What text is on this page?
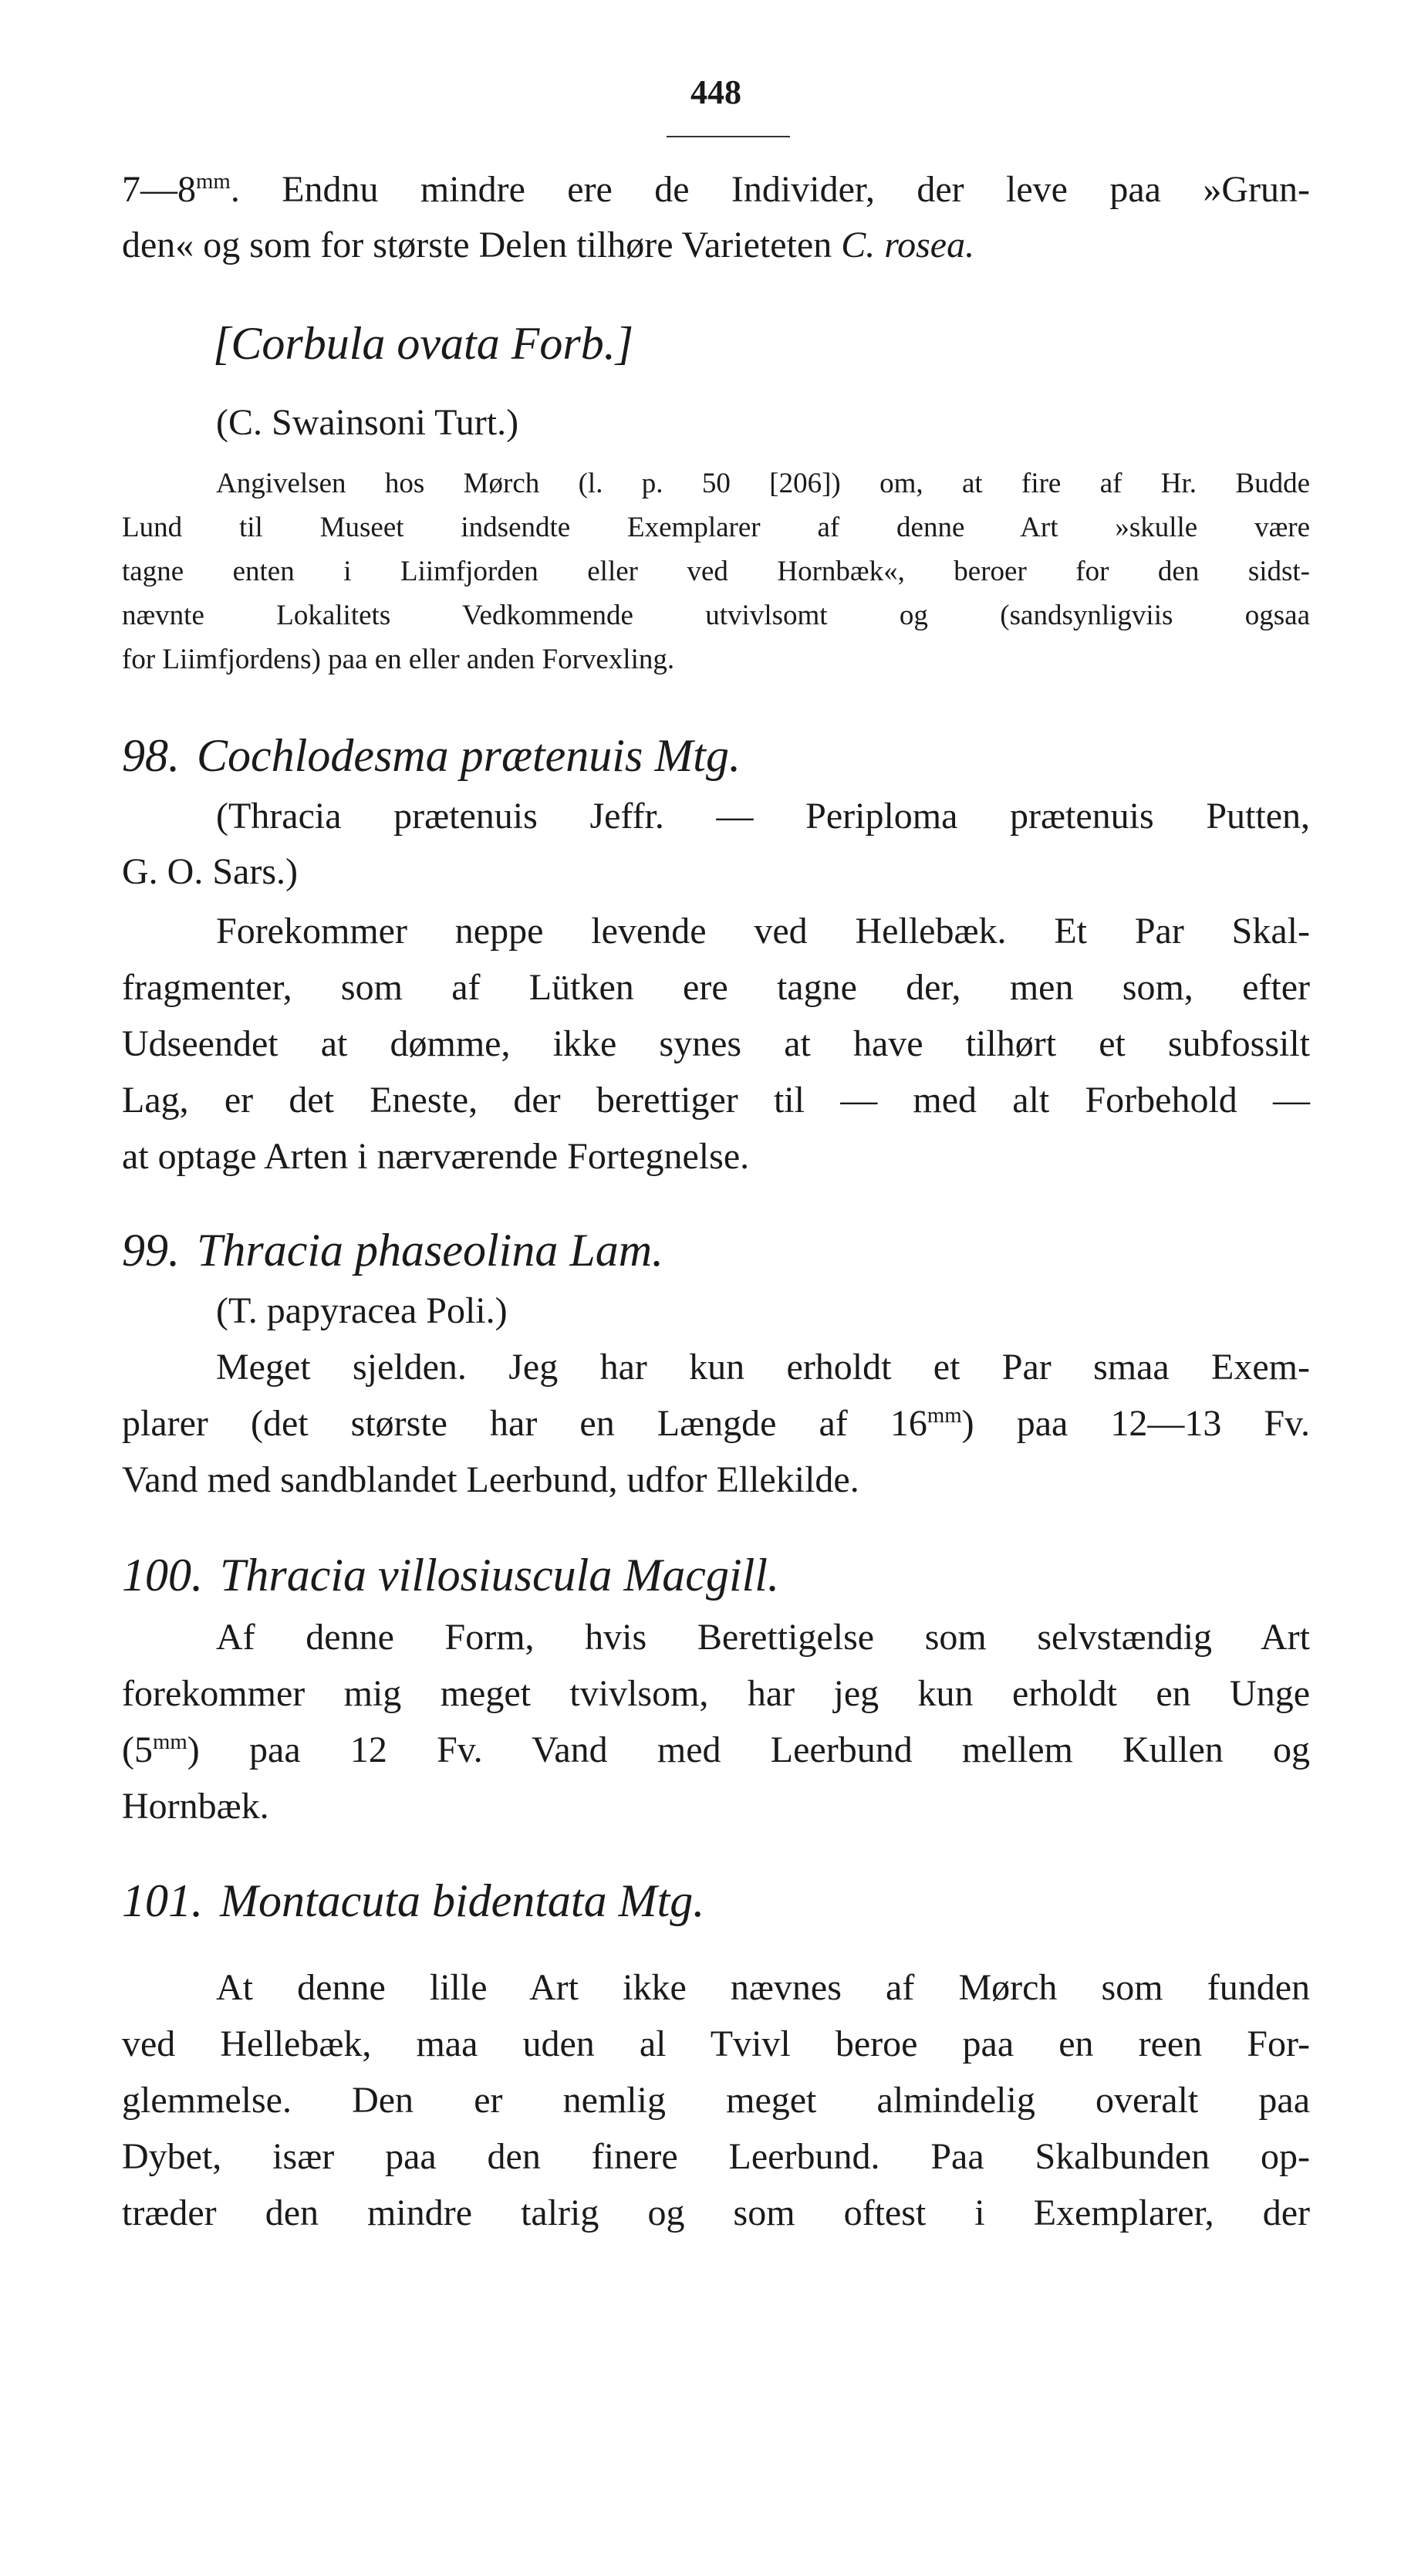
448
$7—8^{mm}$. Endnu mindre ere de Individer, der leve paa »Grun-
den« og som for største Delen tilhøre Varieteten C. rosea.
[Corbula ovata Forb.]
(C. Swainsoni Turt.)
Angivelsen hos Mørch (l. p. 50 [206]) om, at fire af Hr. Budde
Lund til Museet indsendte Exemplarer af denne Art »skulle være
tagne enten i Liimfjorden eller ved Hornbæk«, beroer for den sidst-
nævnte Lokalitets Vedkommende utvivlsomt og (sandsynligviis ogsaa
for Liimfjordens) paa en eller anden Forvexling.
98. Cochlodesma prætenuis Mtg.
(Thracia prætenuis Jeffr. — Periploma prætenuis Putten,
G. O. Sars.)
Forekommer neppe levende ved Hellebæk. Et Par Skal-
fragmenter, som af Lütken ere tagne der, men som, efter
Udseendet at dømme, ikke synes at have tilhørt et subfossilt
Lag, er det Eneste, der berettiger til — med alt Forbehold —
at optage Arten i nærværende Fortegnelse.
99. Thracia phaseolina Lam.
(T. papyracea Poli.)
Meget sjelden. Jeg har kun erholdt et Par smaa Exem-
plarer (det største har en Længde af $16^{mm}$) paa 12—13 Fv.
Vand med sandblandet Leerbund, udfor Ellekilde.
100. Thracia villosiuscula Macgill.
Af denne Form, hvis Berettigelse som selvstændig Art
forekommer mig meget tvivlsom, har jeg kun erholdt en Unge
$(5^{mm})$ paa 12 Fv. Vand med Leerbund mellem Kullen og
Hornbæk.
101. Montacuta bidentata Mtg.
At denne lille Art ikke nævnes af Mørch som funden
ved Hellebæk, maa uden al Tvivl beroe paa en reen For-
glemmelse. Den er nemlig meget almindelig overalt paa
Dybet, især paa den finere Leerbund. Paa Skalbunden op-
træder den mindre talrig og som oftest i Exemplarer, der
